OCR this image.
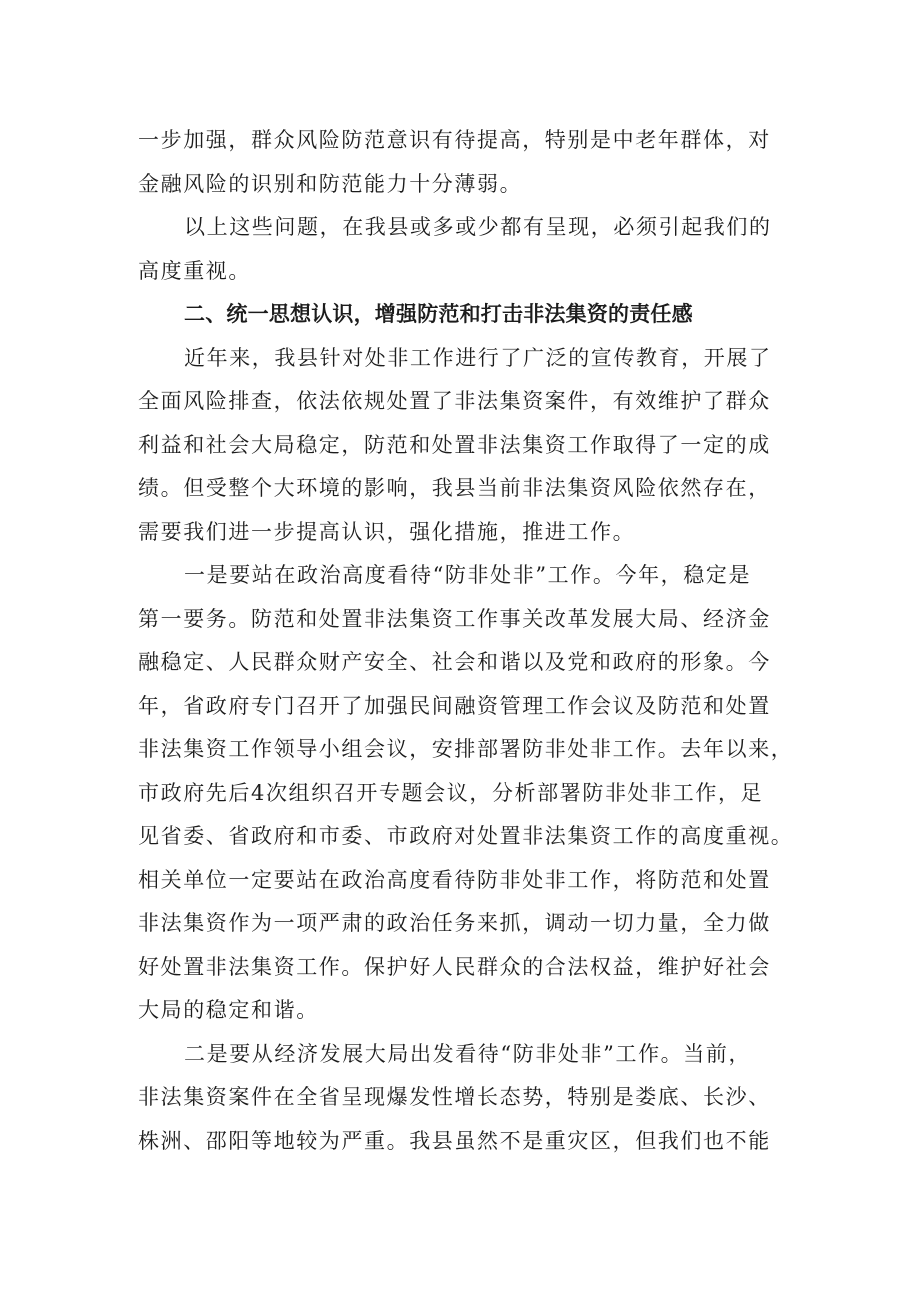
一步加强，群众风险防范意识有待提高，特别是中老年群体，对
金融风险的识别和防范能力十分薄弱。
以上这些问题，在我县或多或少都有呈现，必须引起我们的
高度重视。
二、统一思想认识，增强防范和打击非法集资的责任感
近年来，我县针对处非工作进行了广泛的宣传教育，开展了
全面风险排查，依法依规处置了非法集资案件，有效维护了群众
利益和社会大局稳定，防范和处置非法集资工作取得了一定的成
绩。但受整个大环境的影响，我县当前非法集资风险依然存在，
需要我们进一步提高认识，强化措施，推进工作。
一是要站在政治高度看待“防非处非”工作。今年，稳定是
第一要务。防范和处置非法集资工作事关改革发展大局、经济金
融稳定、人民群众财产安全、社会和谐以及党和政府的形象。今
年，省政府专门召开了加强民间融资管理工作会议及防范和处置
非法集资工作领导小组会议，安排部署防非处非工作。去年以来，
市政府先后4次组织召开专题会议，分析部署防非处非工作，足
见省委、省政府和市委、市政府对处置非法集资工作的高度重视。
相关单位一定要站在政治高度看待防非处非工作，将防范和处置
非法集资作为一项严肃的政治任务来抓，调动一切力量，全力做
好处置非法集资工作。保护好人民群众的合法权益，维护好社会
大局的稳定和谐。
二是要从经济发展大局出发看待“防非处非”工作。当前，
非法集资案件在全省呈现爆发性增长态势，特别是娄底、长沙、
株洲、邵阳等地较为严重。我县虽然不是重灾区，但我们也不能
